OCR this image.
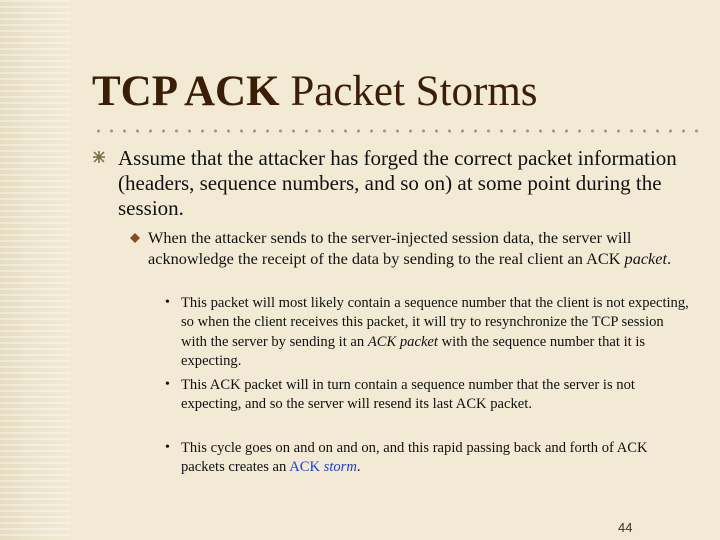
TCP ACK Packet Storms
Assume that the attacker has forged the correct packet information (headers, sequence numbers, and so on) at some point during the session.
When the attacker sends to the server-injected session data, the server will acknowledge the receipt of the data by sending to the real client an ACK packet.
• This packet will most likely contain a sequence number that the client is not expecting, so when the client receives this packet, it will try to resynchronize the TCP session with the server by sending it an ACK packet with the sequence number that it is expecting.
• This ACK packet will in turn contain a sequence number that the server is not expecting, and so the server will resend its last ACK packet.
• This cycle goes on and on and on, and this rapid passing back and forth of ACK packets creates an ACK storm.
44
